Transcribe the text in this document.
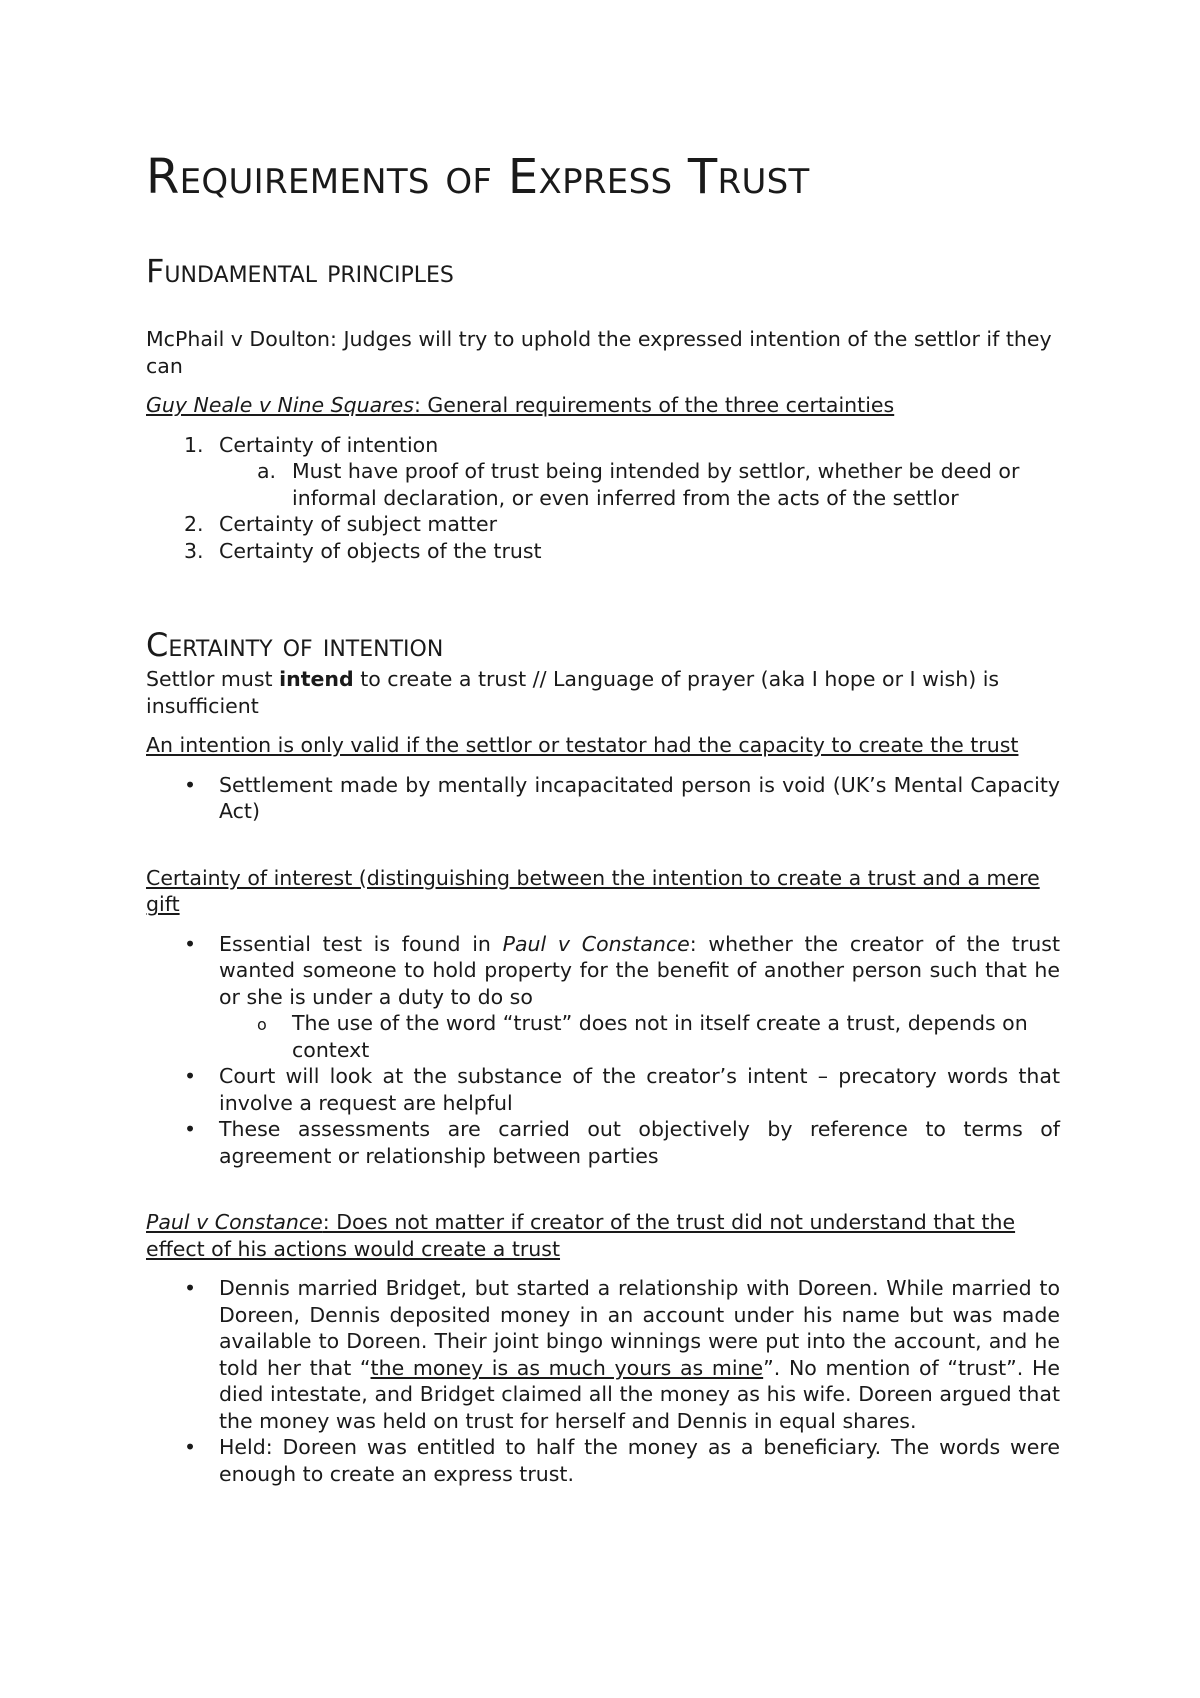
Requirements of Express Trust
Fundamental principles

McPhail v Doulton: Judges will try to uphold the expressed intention of the settlor if they can

Guy Neale v Nine Squares: General requirements of the three certainties

1. Certainty of intention
a. Must have proof of trust being intended by settlor, whether be deed or informal declaration, or even inferred from the acts of the settlor
2. Certainty of subject matter
3. Certainty of objects of the trust
Certainty of intention

Settlor must intend to create a trust // Language of prayer (aka I hope or I wish) is insufficient

An intention is only valid if the settlor or testator had the capacity to create the trust

• Settlement made by mentally incapacitated person is void (UK’s Mental Capacity Act)

Certainty of interest (distinguishing between the intention to create a trust and a mere gift

• Essential test is found in Paul v Constance: whether the creator of the trust wanted someone to hold property for the benefit of another person such that he or she is under a duty to do so
o The use of the word “trust” does not in itself create a trust, depends on context
• Court will look at the substance of the creator’s intent – precatory words that involve a request are helpful
• These assessments are carried out objectively by reference to terms of agreement or relationship between parties

Paul v Constance: Does not matter if creator of the trust did not understand that the effect of his actions would create a trust

• Dennis married Bridget, but started a relationship with Doreen. While married to Doreen, Dennis deposited money in an account under his name but was made available to Doreen. Their joint bingo winnings were put into the account, and he told her that “the money is as much yours as mine”. No mention of “trust”. He died intestate, and Bridget claimed all the money as his wife. Doreen argued that the money was held on trust for herself and Dennis in equal shares.
• Held: Doreen was entitled to half the money as a beneficiary. The words were enough to create an express trust.
